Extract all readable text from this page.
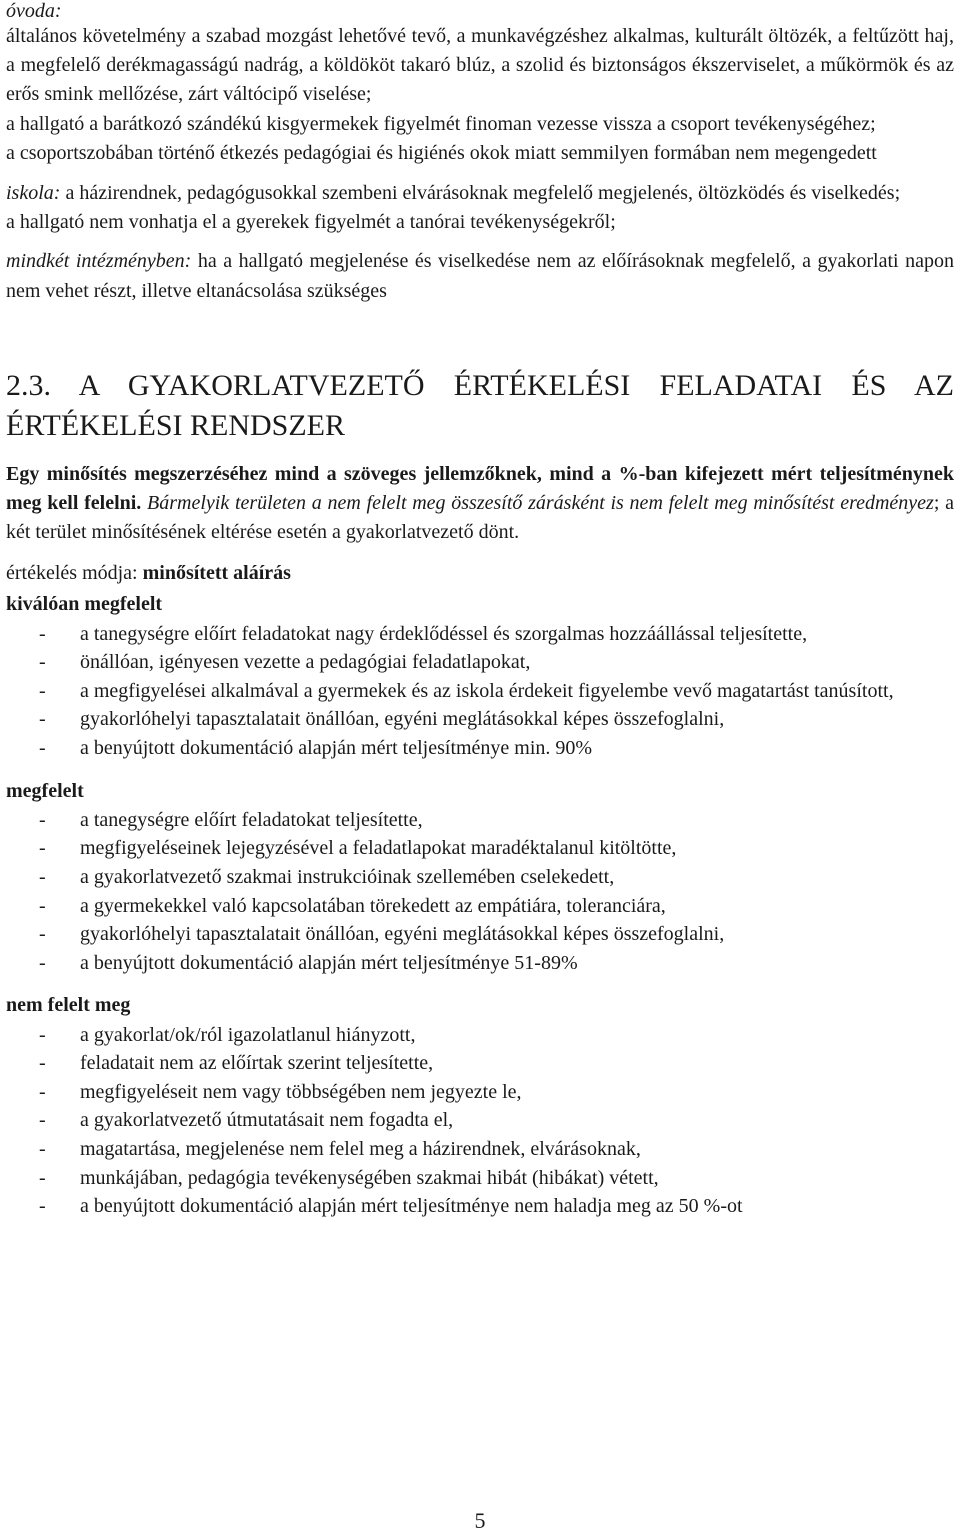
óvoda:

általános követelmény a szabad mozgást lehetővé tevő, a munkavégzéshez alkalmas, kulturált öltözék, a feltűzött haj, a megfelelő derékmagasságú nadrág, a köldököt takaró blúz, a szolid és biztonságos ékszerviselet, a műkörmök és az erős smink mellőzése, zárt váltócipő viselése;

a hallgató a barátkozó szándékú kisgyermekek figyelmét finoman vezesse vissza a csoport tevékenységéhez;

a csoportszobában történő étkezés pedagógiai és higiénés okok miatt semmilyen formában nem megengedett

iskola: a házirendnek, pedagógusokkal szembeni elvárásoknak megfelelő megjelenés, öltözködés és viselkedés;

a hallgató nem vonhatja el a gyerekek figyelmét a tanórai tevékenységekről;

mindkét intézményben: ha a hallgató megjelenése és viselkedése nem az előírásoknak megfelelő, a gyakorlati napon nem vehet részt, illetve eltanácsolása szükséges

2.3. A GYAKORLATVEZETŐ ÉRTÉKELÉSI FELADATAI ÉS AZ
ÉRTÉKELÉSI RENDSZER

Egy minősítés megszerzéséhez mind a szöveges jellemzőknek, mind a %-ban kifejezett mért teljesítménynek meg kell felelni. Bármelyik területen a nem felelt meg összesítő zárásként is nem felelt meg minősítést eredményez; a két terület minősítésének eltérése esetén a gyakorlatvezető dönt.

értékelés módja: minősített aláírás

kiválóan megfelelt

- a tanegységre előírt feladatokat nagy érdeklődéssel és szorgalmas hozzáállással teljesítette,
- önállóan, igényesen vezette a pedagógiai feladatlapokat,
- a megfigyelései alkalmával a gyermekek és az iskola érdekeit figyelembe vevő magatartást tanúsított,
- gyakorlóhelyi tapasztalatait önállóan, egyéni meglátásokkal képes összefoglalni,
- a benyújtott dokumentáció alapján mért teljesítménye min. 90%

megfelelt

- a tanegységre előírt feladatokat teljesítette,
- megfigyeléseinek lejegyzésével a feladatlapokat maradéktalanul kitöltötte,
- a gyakorlatvezető szakmai instrukcióinak szellemében cselekedett,
- a gyermekekkel való kapcsolatában törekedett az empátiára, toleranciára,
- gyakorlóhelyi tapasztalatait önállóan, egyéni meglátásokkal képes összefoglalni,
- a benyújtott dokumentáció alapján mért teljesítménye 51-89%

nem felelt meg

- a gyakorlat/ok/ról igazolatlanul hiányzott,
- feladatait nem az előírtak szerint teljesítette,
- megfigyeléseit nem vagy többségében nem jegyezte le,
- a gyakorlatvezető útmutatásait nem fogadta el,
- magatartása, megjelenése nem felel meg a házirendnek, elvárásoknak,
- munkájában, pedagógia tevékenységében szakmai hibát (hibákat) vétett,
- a benyújtott dokumentáció alapján mért teljesítménye nem haladja meg az 50 %-ot
5
